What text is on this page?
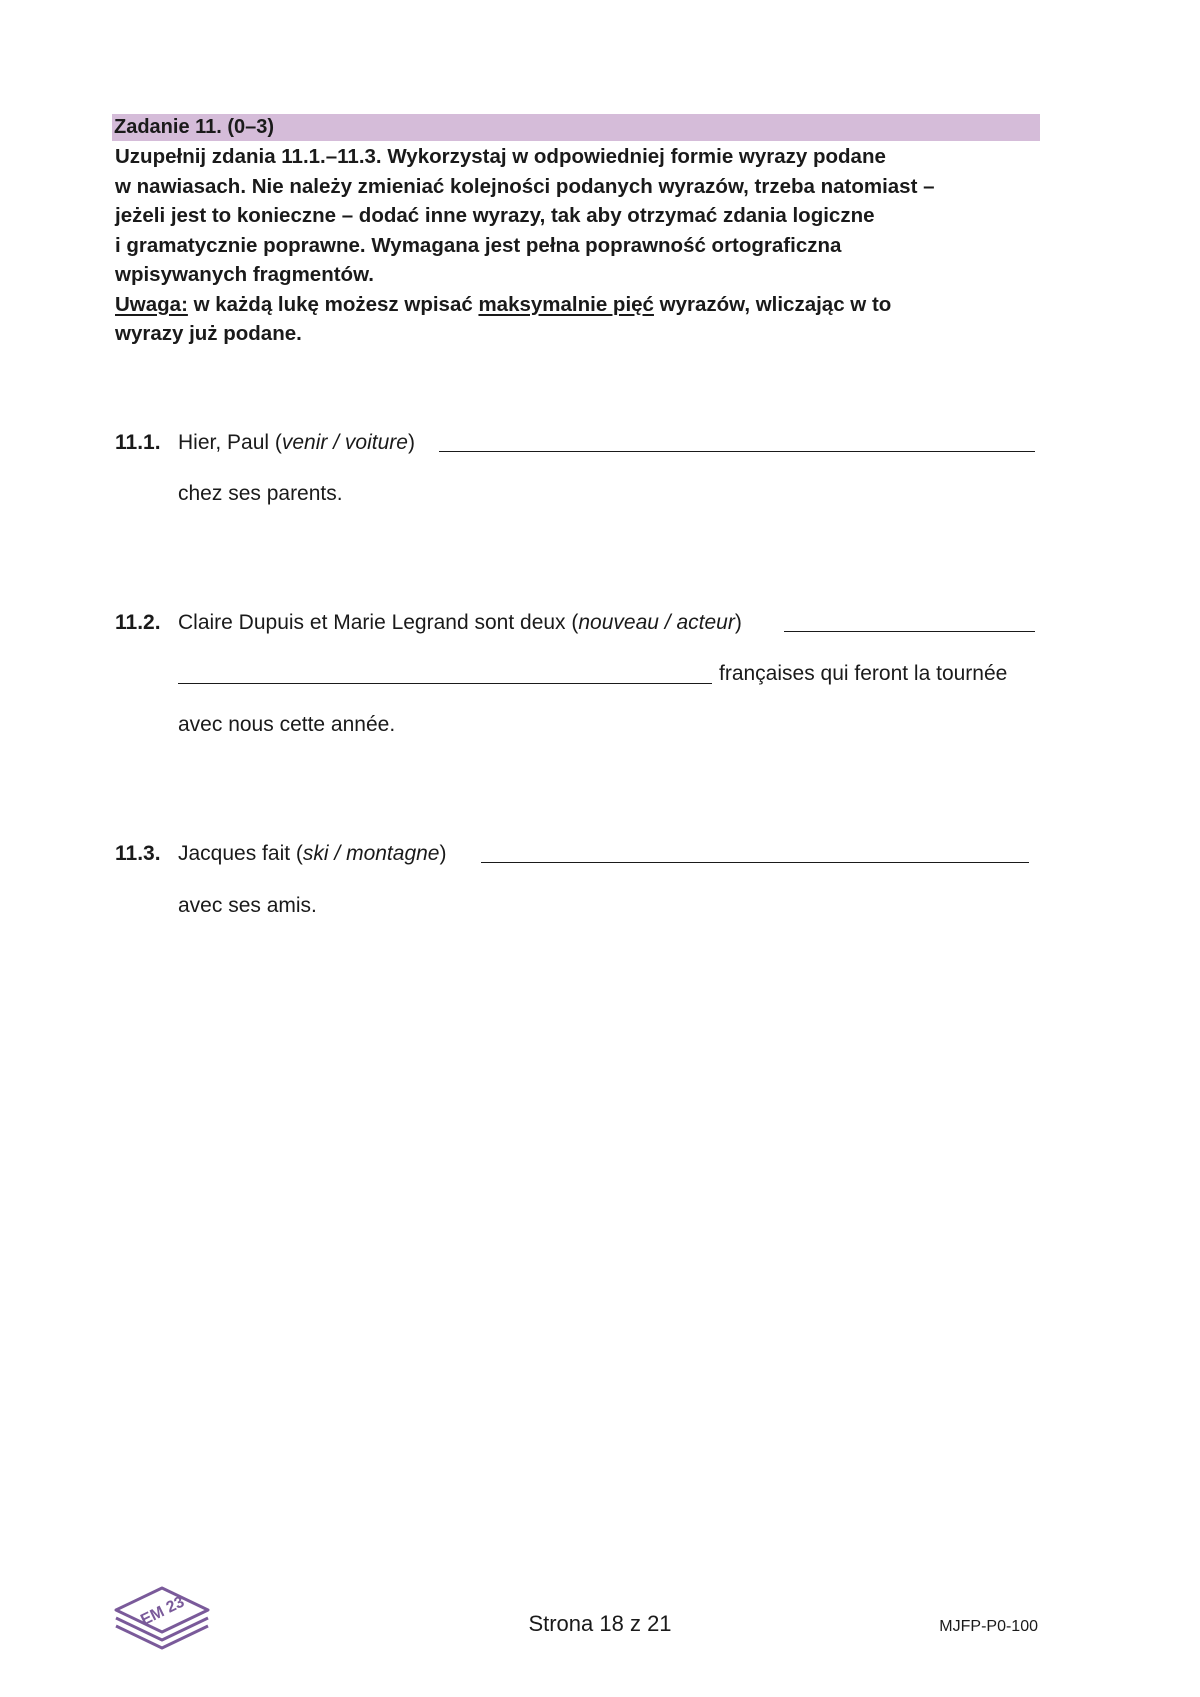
Zadanie 11. (0–3)

Uzupełnij zdania 11.1.–11.3. Wykorzystaj w odpowiedniej formie wyrazy podane

w nawiasach. Nie należy zmieniać kolejności podanych wyrazów, trzeba natomiast –

jeżeli jest to konieczne – dodać inne wyrazy, tak aby otrzymać zdania logiczne

i gramatycznie poprawne. Wymagana jest pełna poprawność ortograficzna

wpisywanych fragmentów.

Uwaga: w każdą lukę możesz wpisać maksymalnie pięć wyrazów, wliczając w to

wyrazy już podane.

11.1. Hier, Paul (venir / voiture)
chez ses parents.
11.2. Claire Dupuis et Marie Legrand sont deux (nouveau / acteur)
françaises qui feront la tournée
avec nous cette année.
11.3. Jacques fait (ski / montagne)
avec ses amis.
EM 23	Strona 18 z 21	MJFP-P0-100
